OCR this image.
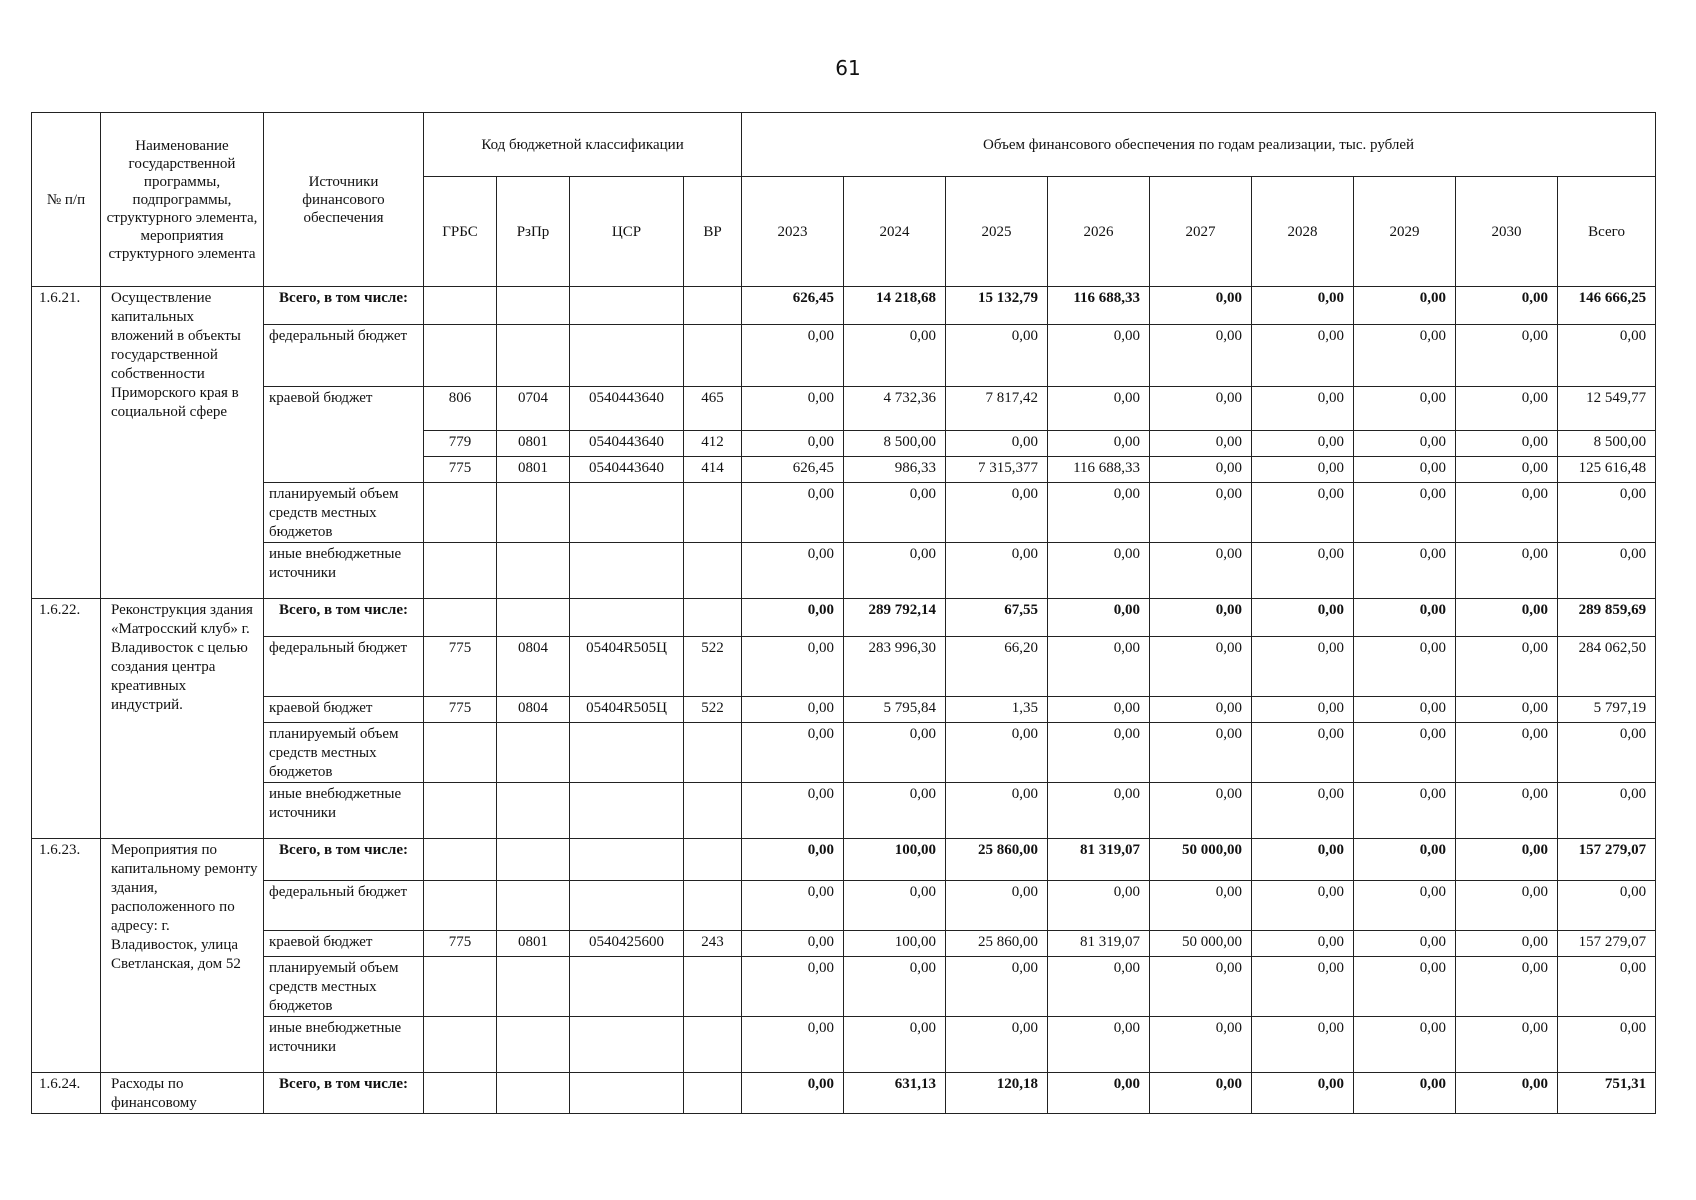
61
№ п/п	Наименование государственной программы, подпрограммы, структурного элемента, мероприятия структурного элемента	Источники финансового обеспечения	Код бюджетной классификации				Объем финансового обеспечения по годам реализации, тыс. рублей								
			ГРБС	РзПр	ЦСР	ВР	2023	2024	2025	2026	2027	2028	2029	2030	Всего
1.6.21.	Осуществление капитальных вложений в объекты государственной собственности Приморского края в социальной сфере	Всего, в том числе:					626,45	14 218,68	15 132,79	116 688,33	0,00	0,00	0,00	0,00	146 666,25
		федеральный бюджет					0,00	0,00	0,00	0,00	0,00	0,00	0,00	0,00	0,00
		краевой бюджет	806	0704	0540443640	465	0,00	4 732,36	7 817,42	0,00	0,00	0,00	0,00	0,00	12 549,77
			779	0801	0540443640	412	0,00	8 500,00	0,00	0,00	0,00	0,00	0,00	0,00	8 500,00
			775	0801	0540443640	414	626,45	986,33	7 315,377	116 688,33	0,00	0,00	0,00	0,00	125 616,48
		планируемый объем средств местных бюджетов					0,00	0,00	0,00	0,00	0,00	0,00	0,00	0,00	0,00
		иные внебюджетные источники					0,00	0,00	0,00	0,00	0,00	0,00	0,00	0,00	0,00
1.6.22.	Реконструкция здания «Матросский клуб» г. Владивосток с целью создания центра креативных индустрий.	Всего, в том числе:					0,00	289 792,14	67,55	0,00	0,00	0,00	0,00	0,00	289 859,69
		федеральный бюджет	775	0804	05404R505Ц	522	0,00	283 996,30	66,20	0,00	0,00	0,00	0,00	0,00	284 062,50
		краевой бюджет	775	0804	05404R505Ц	522	0,00	5 795,84	1,35	0,00	0,00	0,00	0,00	0,00	5 797,19
		планируемый объем средств местных бюджетов					0,00	0,00	0,00	0,00	0,00	0,00	0,00	0,00	0,00
		иные внебюджетные источники					0,00	0,00	0,00	0,00	0,00	0,00	0,00	0,00	0,00
1.6.23.	Мероприятия по капитальному ремонту здания, расположенного по адресу: г. Владивосток, улица Светланская, дом 52	Всего, в том числе:					0,00	100,00	25 860,00	81 319,07	50 000,00	0,00	0,00	0,00	157 279,07
		федеральный бюджет					0,00	0,00	0,00	0,00	0,00	0,00	0,00	0,00	0,00
		краевой бюджет	775	0801	0540425600	243	0,00	100,00	25 860,00	81 319,07	50 000,00	0,00	0,00	0,00	157 279,07
		планируемый объем средств местных бюджетов					0,00	0,00	0,00	0,00	0,00	0,00	0,00	0,00	0,00
		иные внебюджетные источники					0,00	0,00	0,00	0,00	0,00	0,00	0,00	0,00	0,00
1.6.24.	Расходы по финансовому	Всего, в том числе:					0,00	631,13	120,18	0,00	0,00	0,00	0,00	0,00	751,31
